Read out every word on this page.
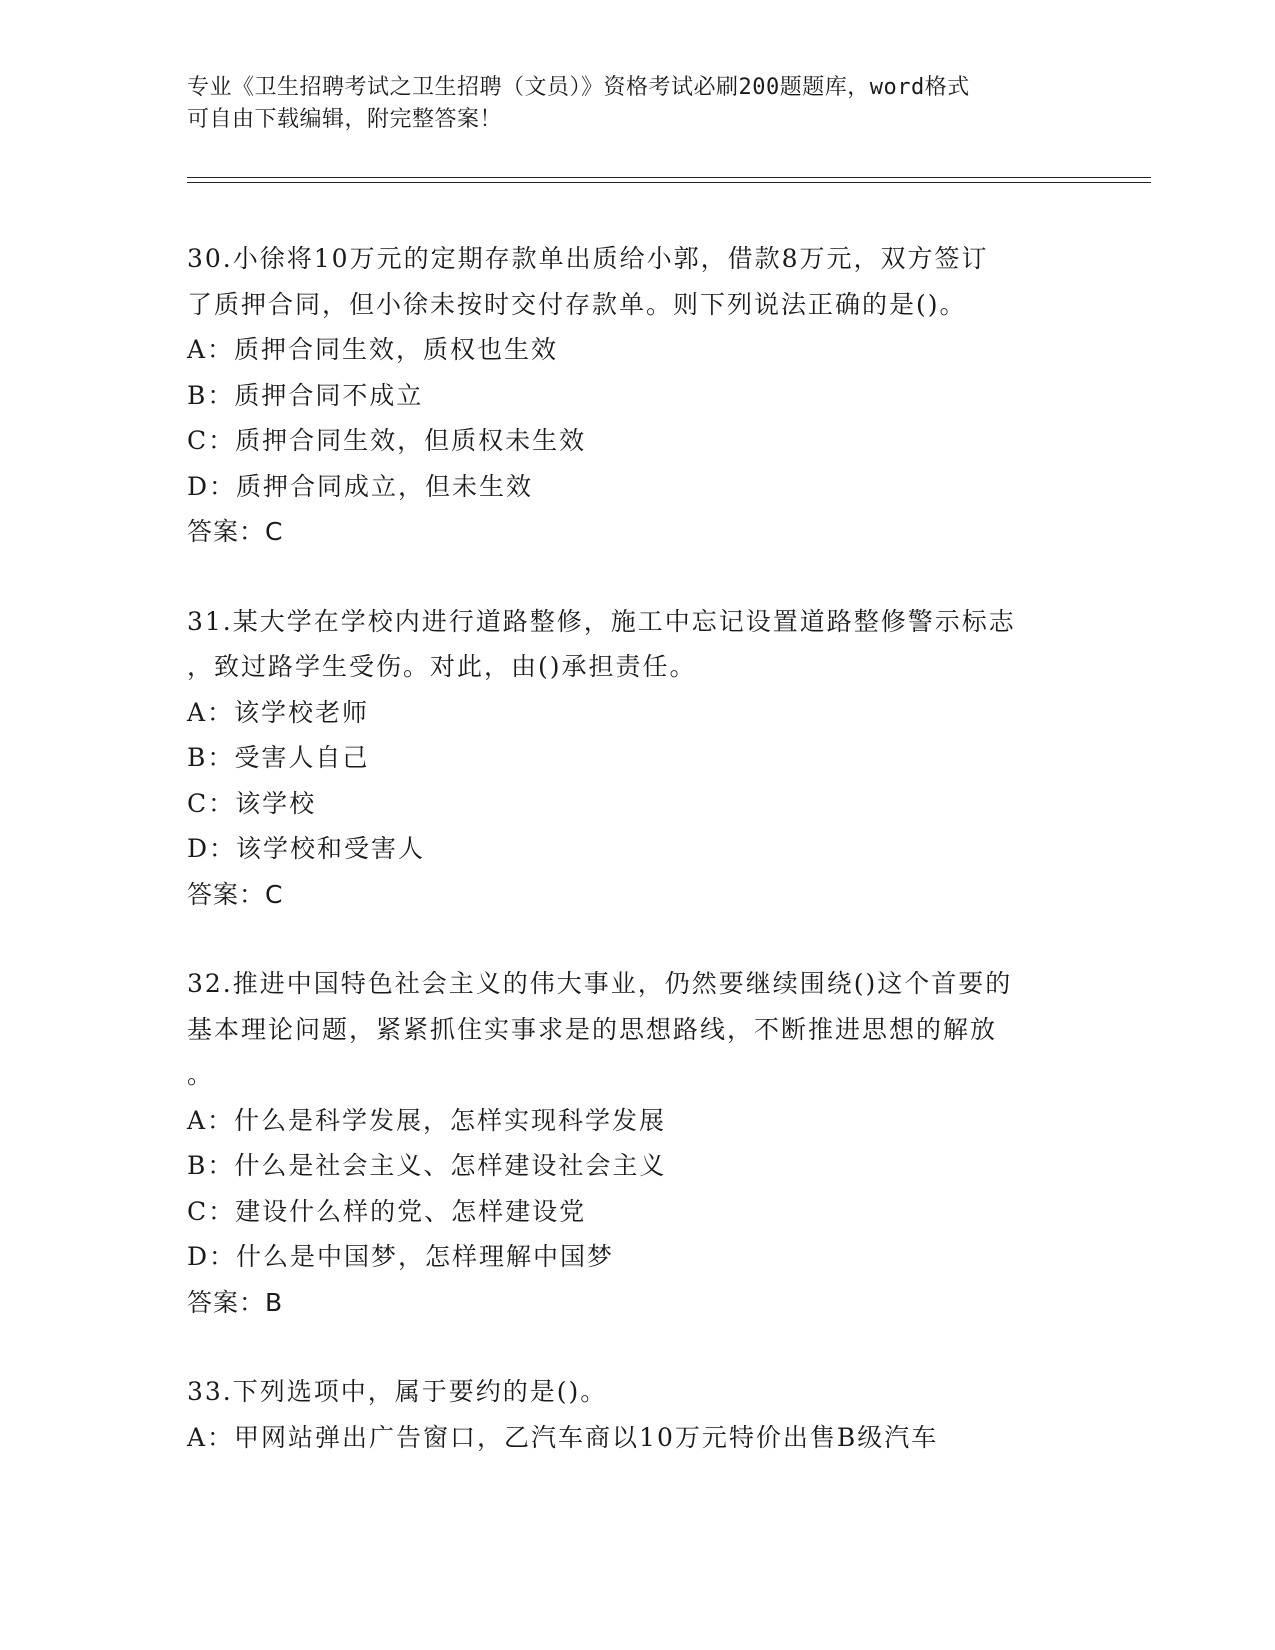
专业《卫生招聘考试之卫生招聘（文员）》资格考试必刷200题题库，word格式
可自由下载编辑，附完整答案！
30.小徐将10万元的定期存款单出质给小郭，借款8万元，双方签订
了质押合同，但小徐未按时交付存款单。则下列说法正确的是()。
A：质押合同生效，质权也生效
B：质押合同不成立
C：质押合同生效，但质权未生效
D：质押合同成立，但未生效
答案：C
31.某大学在学校内进行道路整修，施工中忘记设置道路整修警示标志
，致过路学生受伤。对此，由()承担责任。
A：该学校老师
B：受害人自己
C：该学校
D：该学校和受害人
答案：C
32.推进中国特色社会主义的伟大事业，仍然要继续围绕()这个首要的
基本理论问题，紧紧抓住实事求是的思想路线，不断推进思想的解放
。
A：什么是科学发展，怎样实现科学发展
B：什么是社会主义、怎样建设社会主义
C：建设什么样的党、怎样建设党
D：什么是中国梦，怎样理解中国梦
答案：B
33.下列选项中，属于要约的是()。
A：甲网站弹出广告窗口，乙汽车商以10万元特价出售B级汽车
